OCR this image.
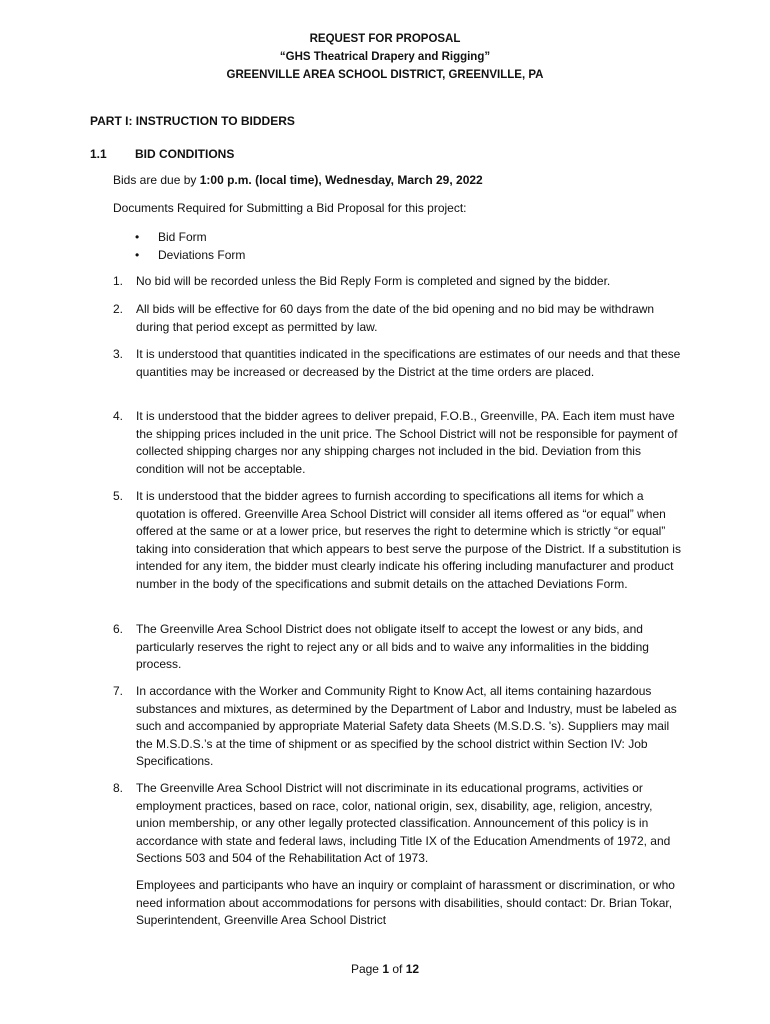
REQUEST FOR PROPOSAL
“GHS Theatrical Drapery and Rigging”
GREENVILLE AREA SCHOOL DISTRICT, GREENVILLE, PA
PART I: INSTRUCTION TO BIDDERS
1.1 BID CONDITIONS
Bids are due by 1:00 p.m. (local time), Wednesday, March 29, 2022
Documents Required for Submitting a Bid Proposal for this project:
• Bid Form
• Deviations Form
1. No bid will be recorded unless the Bid Reply Form is completed and signed by the bidder.
2. All bids will be effective for 60 days from the date of the bid opening and no bid may be withdrawn during that period except as permitted by law.
3. It is understood that quantities indicated in the specifications are estimates of our needs and that these quantities may be increased or decreased by the District at the time orders are placed.
4. It is understood that the bidder agrees to deliver prepaid, F.O.B., Greenville, PA. Each item must have the shipping prices included in the unit price. The School District will not be responsible for payment of collected shipping charges nor any shipping charges not included in the bid. Deviation from this condition will not be acceptable.
5. It is understood that the bidder agrees to furnish according to specifications all items for which a quotation is offered. Greenville Area School District will consider all items offered as “or equal” when offered at the same or at a lower price, but reserves the right to determine which is strictly “or equal” taking into consideration that which appears to best serve the purpose of the District. If a substitution is intended for any item, the bidder must clearly indicate his offering including manufacturer and product number in the body of the specifications and submit details on the attached Deviations Form.
6. The Greenville Area School District does not obligate itself to accept the lowest or any bids, and particularly reserves the right to reject any or all bids and to waive any informalities in the bidding process.
7. In accordance with the Worker and Community Right to Know Act, all items containing hazardous substances and mixtures, as determined by the Department of Labor and Industry, must be labeled as such and accompanied by appropriate Material Safety data Sheets (M.S.D.S. 's). Suppliers may mail the M.S.D.S.’s at the time of shipment or as specified by the school district within Section IV: Job Specifications.
8. The Greenville Area School District will not discriminate in its educational programs, activities or employment practices, based on race, color, national origin, sex, disability, age, religion, ancestry, union membership, or any other legally protected classification. Announcement of this policy is in accordance with state and federal laws, including Title IX of the Education Amendments of 1972, and Sections 503 and 504 of the Rehabilitation Act of 1973.
Employees and participants who have an inquiry or complaint of harassment or discrimination, or who need information about accommodations for persons with disabilities, should contact: Dr. Brian Tokar, Superintendent, Greenville Area School District
Page 1 of 12
